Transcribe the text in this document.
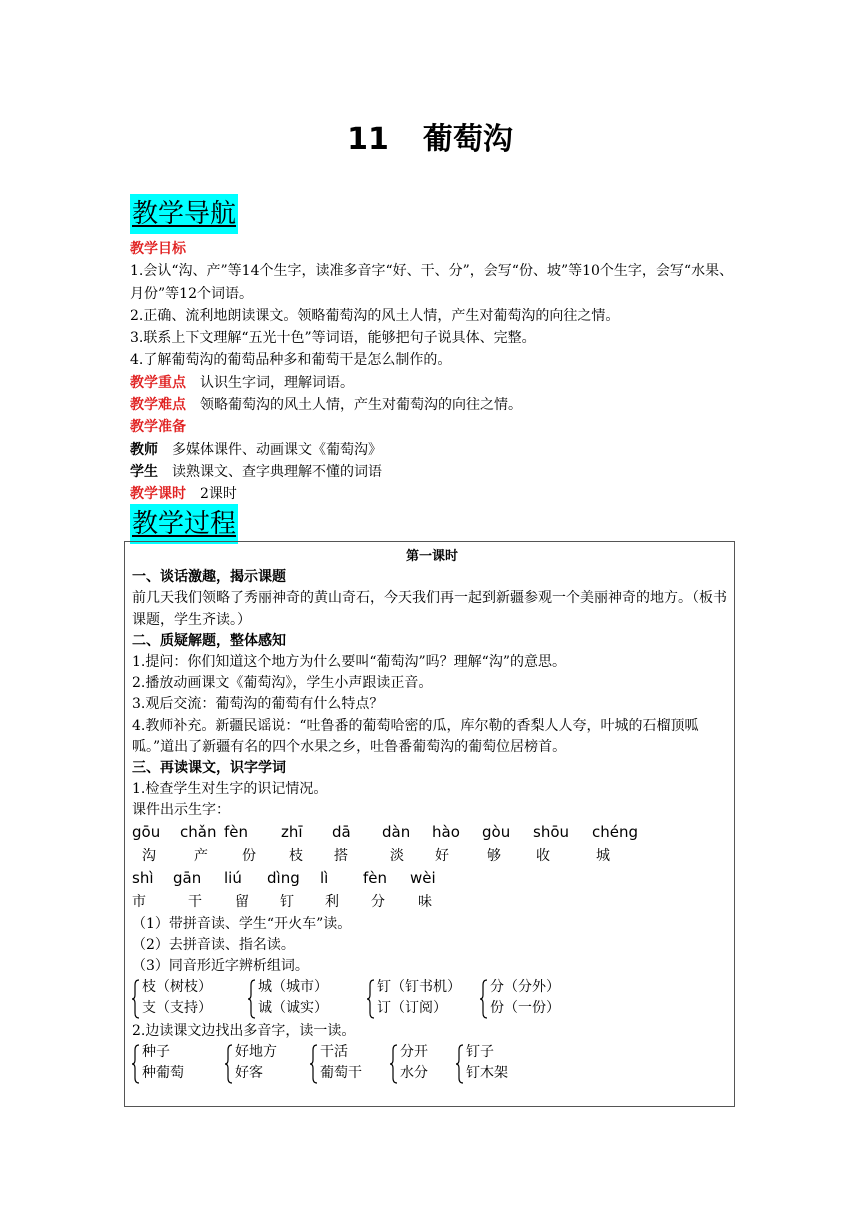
11 葡萄沟
教学导航

教学目标

1.会认“沟、产”等14个生字，读准多音字“好、干、分”，会写“份、坡”等10个生字，会写“水果、月份”等12个词语。

2.正确、流利地朗读课文。领略葡萄沟的风土人情，产生对葡萄沟的向往之情。

3.联系上下文理解“五光十色”等词语，能够把句子说具体、完整。

4.了解葡萄沟的葡萄品种多和葡萄干是怎么制作的。

教学重点 认识生字词，理解词语。

教学难点 领略葡萄沟的风土人情，产生对葡萄沟的向往之情。

教学准备

教师 多媒体课件、动画课文《葡萄沟》

学生 读熟课文、查字典理解不懂的词语

教学课时 2课时

教学过程

第一课时

一、谈话激趣，揭示课题

前几天我们领略了秀丽神奇的黄山奇石，今天我们再一起到新疆参观一个美丽神奇的地方。（板书课题，学生齐读。）

二、质疑解题，整体感知

1.提问：你们知道这个地方为什么要叫“葡萄沟”吗？理解“沟”的意思。

2.播放动画课文《葡萄沟》，学生小声跟读正音。

3.观后交流：葡萄沟的葡萄有什么特点？

4.教师补充。新疆民谣说：“吐鲁番的葡萄哈密的瓜，库尔勒的香梨人人夸，叶城的石榴顶呱呱。”道出了新疆有名的四个水果之乡，吐鲁番葡萄沟的葡萄位居榜首。

三、再读课文，识字学词

1.检查学生对生字的识记情况。

课件出示生字：

gōu chǎn fèn zhī dā dàn hào gòu shōu chéng
沟	产 份 枝 搭	淡 好	够	收	城
shì gān liú dìng lì fèn wèi
市	干 留 钉 利 分 味

（1）带拼音读、学生“开火车”读。

（2）去拼音读、指名读。

（3）同音形近字辨析组词。

枝（树枝）
支（支持）
城（城市）
诚（诚实）
钉（钉书机）
订（订阅）
分（分外）
份（一份）

2.边读课文边找出多音字，读一读。

种子
种葡萄
好地方
好客
干活
葡萄干
分开
水分
钉子
钉木架
